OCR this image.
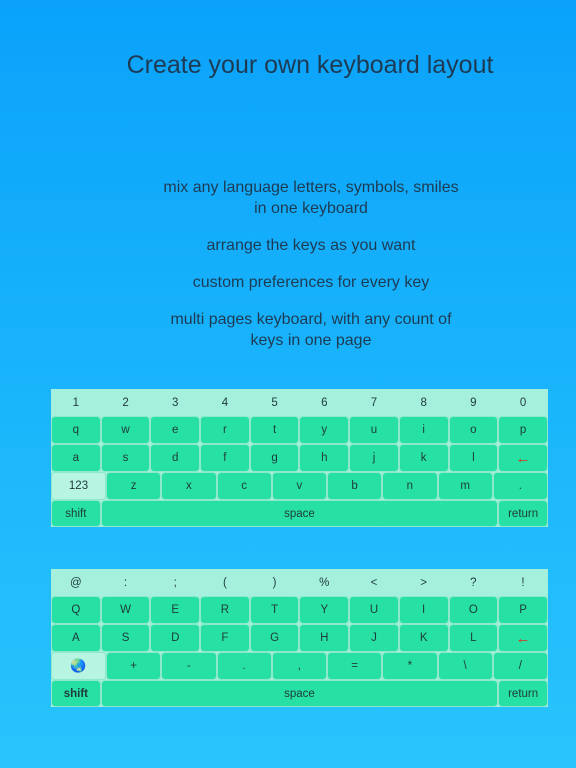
Create your own keyboard layout
mix any language letters, symbols, smiles in one keyboard
arrange the keys as you want
custom preferences for every key
multi pages keyboard, with any count of keys in one page
1	2	3	4	5	6	7	8	9	0
q	w	e	r	t	y	u	i	o	p
a	s	d	f	g	h	j	k	l	←
123	z	x	c	v	b	n	m	.
shift	space	return
@	:	;	(	)	%	<	>	?	!
Q	W	E	R	T	Y	U	I	O	P
A	S	D	F	G	H	J	K	L	←
🌏	+	-	.	,	=	*	\	/
shift	space	return
